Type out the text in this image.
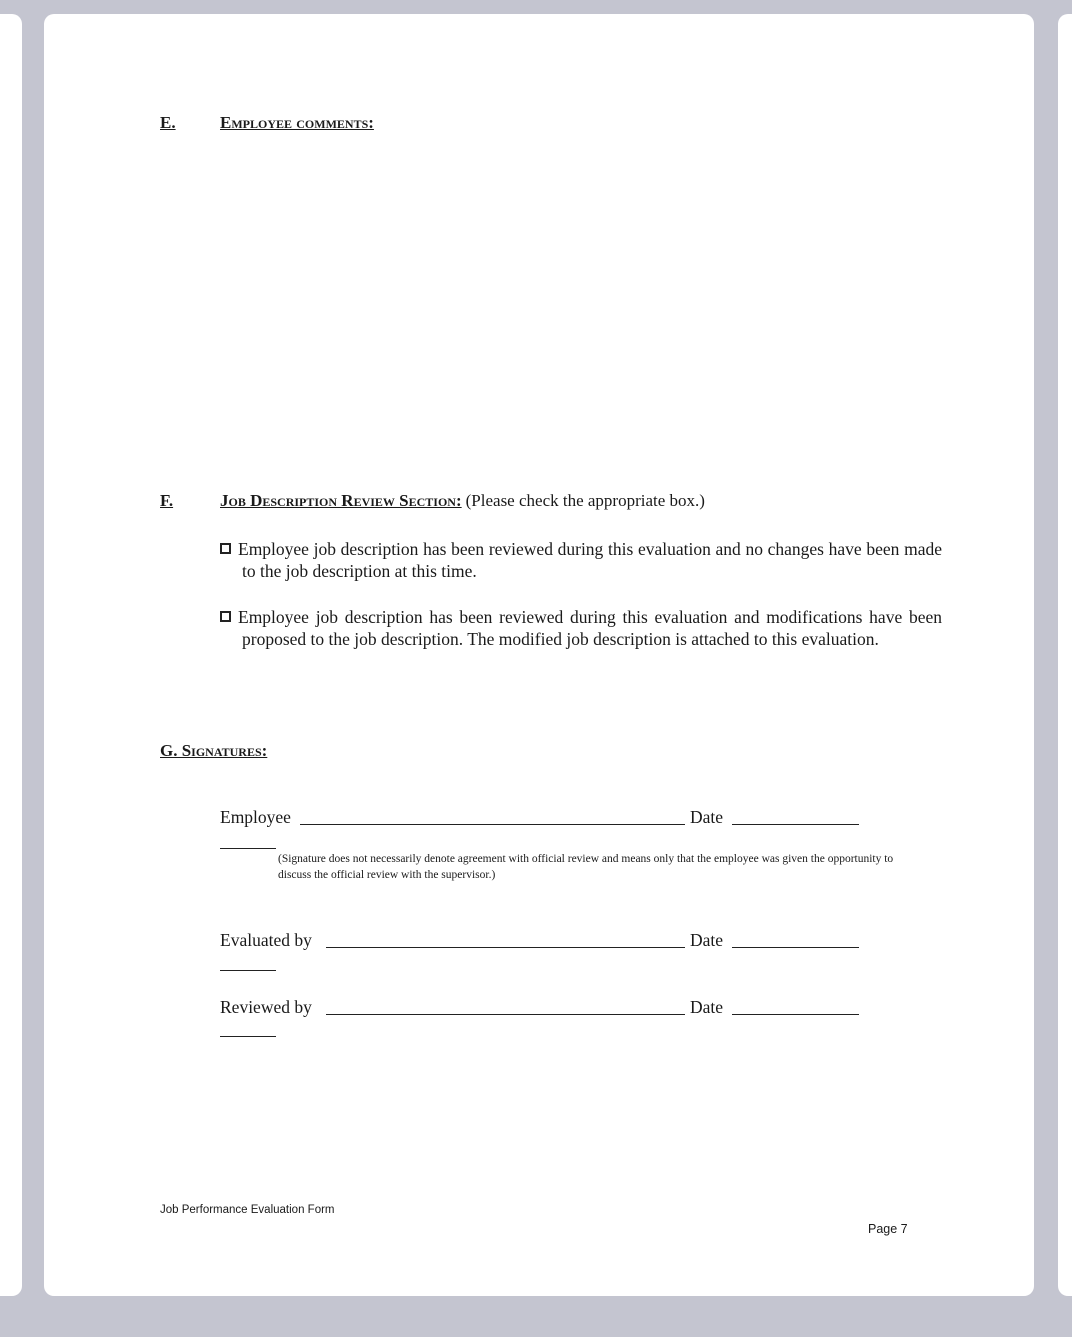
E.	Employee comments:
F.	Job Description Review Section: (Please check the appropriate box.)
Employee job description has been reviewed during this evaluation and no changes have been made to the job description at this time.
Employee job description has been reviewed during this evaluation and modifications have been proposed to the job description. The modified job description is attached to this evaluation.
G. Signatures:
Employee	Date
(Signature does not necessarily denote agreement with official review and means only that the employee was given the opportunity to discuss the official review with the supervisor.)
Evaluated by	Date
Reviewed by	Date
Job Performance Evaluation Form
Page 7
